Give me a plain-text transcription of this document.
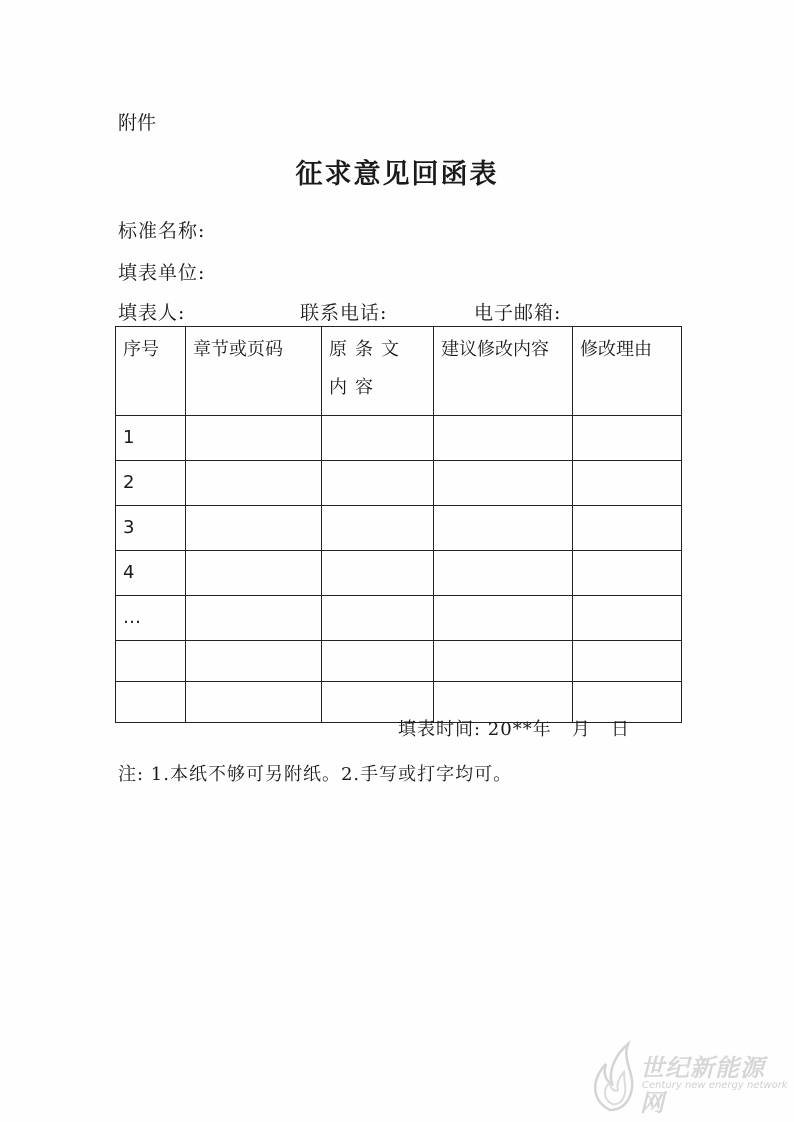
附件
征求意见回函表
标准名称:
填表单位:
填表人:	联系电话:	电子邮箱:
序号	章节或页码	原条文内容	建议修改内容	修改理由
1				
2				
3				
4				
…				

填表时间: 20**年   月   日
注: 1.本纸不够可另附纸。2.手写或打字均可。
世纪新能源网
Century new energy network
